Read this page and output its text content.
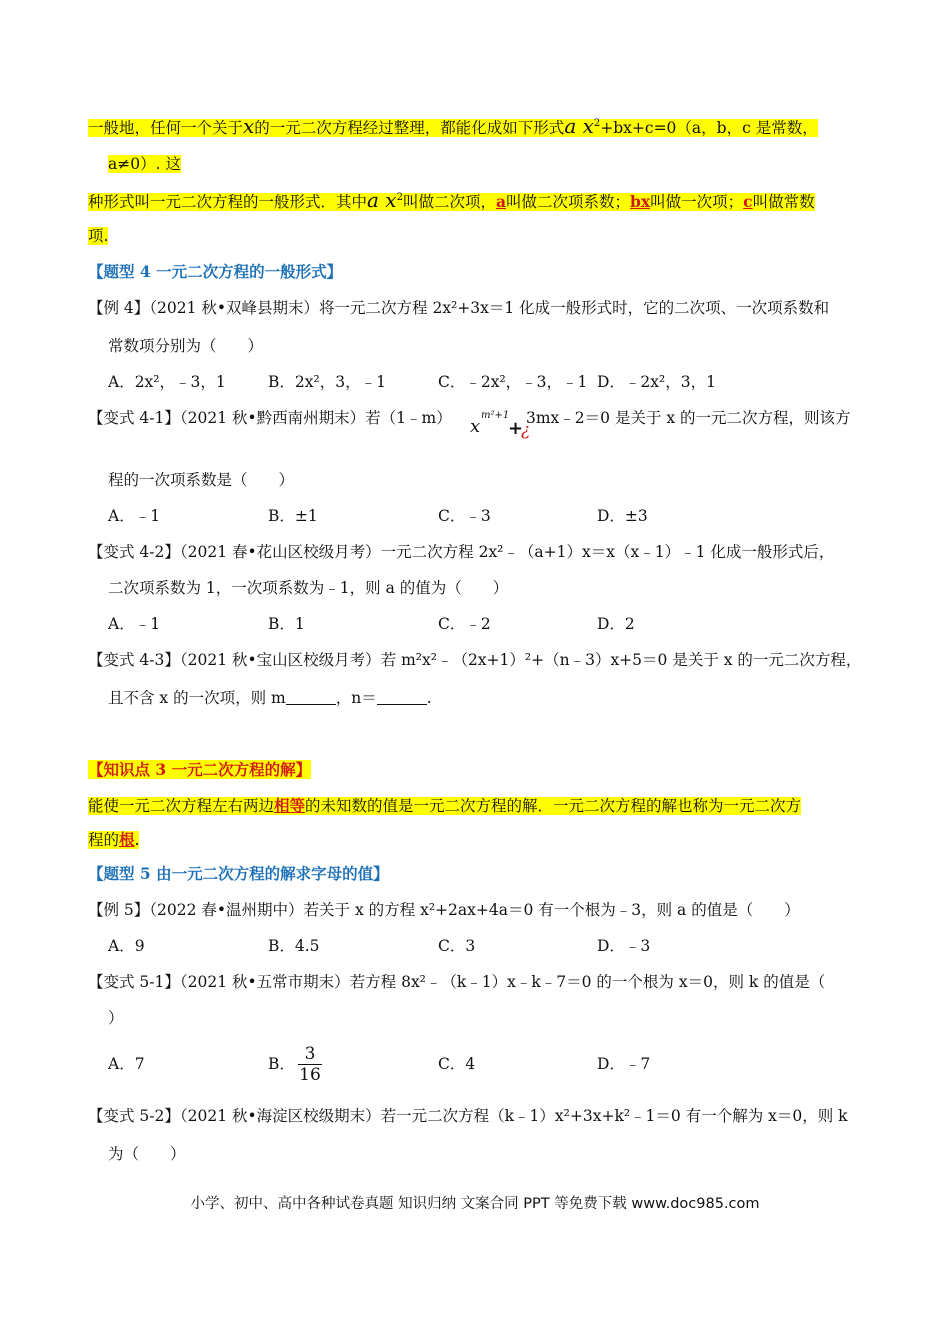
一般地，任何一个关于x的一元二次方程经过整理，都能化成如下形式a $x^2+bx+c=0(a$，b，c 是常数，
a≠0）. 这
种形式叫一元二次方程的一般形式．其中a $x^2$叫做二次项，a叫做二次项系数；bx叫做一次项；c叫做常数
项.
【题型 4 一元二次方程的一般形式】
【例 4】（2021 秋•双峰县期末）将一元二次方程 2x²+3x＝1 化成一般形式时，它的二次项、一次项系数和
常数项分别为（　　）
A．2x²，﹣3，1	B．2x²，3，﹣1	C．﹣2x²，﹣3，﹣1 D．﹣2x²，3，1
【变式 4-1】（2021 秋•黔西南州期末）若（1﹣m） x
m²+1
+
¿
3mx﹣2＝0 是关于 x 的一元二次方程，则该方
程的一次项系数是（　　）
A．﹣1	B．±1	C．﹣3	D．±3
【变式 4-2】（2021 春•花山区校级月考）一元二次方程 2x²﹣（a+1）x＝x（x﹣1）﹣1 化成一般形式后，
二次项系数为 1，一次项系数为﹣1，则 a 的值为（　　）
A．﹣1	B．1	C．﹣2	D．2
【变式 4-3】（2021 秋•宝山区校级月考）若 m²x²﹣（2x+1）²+（n﹣3）x+5＝0 是关于 x 的一元二次方程，
且不含 x 的一次项，则 m	，n＝	.
【知识点 3 一元二次方程的解】
能使一元二次方程左右两边相等的未知数的值是一元二次方程的解．一元二次方程的解也称为一元二次方
程的根.
【题型 5 由一元二次方程的解求字母的值】
【例 5】（2022 春•温州期中）若关于 x 的方程 x²+2ax+4a＝0 有一个根为﹣3，则 a 的值是（　　）
A．9	B．4.5	C．3	D．﹣3
【变式 5-1】（2021 秋•五常市期末）若方程 8x²﹣（k﹣1）x﹣k﹣7＝0 的一个根为 x＝0，则 k 的值是（
）
A．7	B． $\frac{3}{16}$	C．4	D．﹣7
【变式 5-2】（2021 秋•海淀区校级期末）若一元二次方程（k﹣1）x²+3x+k²﹣1＝0 有一个解为 x＝0，则 k
为（　　）
小学、初中、高中各种试卷真题 知识归纳 文案合同 PPT 等免费下载 www.doc985.com
